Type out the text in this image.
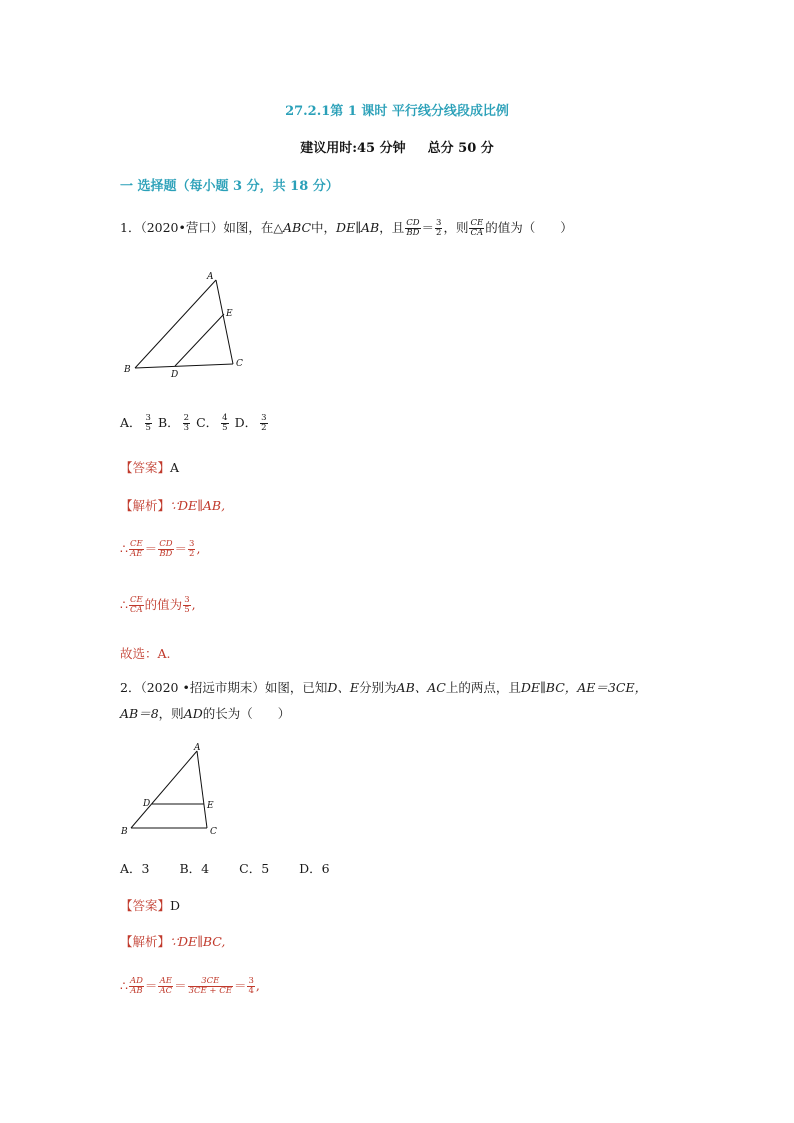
27.2.1第 1 课时 平行线分线段成比例
建议用时:45 分钟 总分 50 分
一 选择题（每小题 3 分，共 18 分）
1．（2020•营口）如图，在△ABC中，DE∥AB，且 $\frac{CD}{BD} = \frac{3}{2}$ ，则 $\frac{CE}{CA}$ 的值为（　　）
A
E
B	D
C
A． $\frac{3}{5}$ B． $\frac{2}{3}$ C． $\frac{4}{5}$ D． $\frac{3}{2}$
【答案】A
【解析】∵DE∥AB,
∴ $\frac{CE}{AE} = \frac{CD}{BD} = \frac{3}{2}$ ,
∴ $\frac{CE}{CA}$ 的值为 $\frac{3}{5}$ ,
故选：A.
2．（2020 •招远市期末）如图，已知D、E分别为AB、AC上的两点，且DE∥BC，AE＝3CE，
AB＝8，则AD的长为（　　）
A
D	E
B	C
A．3 B．4 C．5 D．6
【答案】D
【解析】∵DE∥BC,
∴ $\frac{AD}{AB} = \frac{AE}{AC} = \frac{3CE}{3CE + CE} = \frac{3}{4}$ ,
